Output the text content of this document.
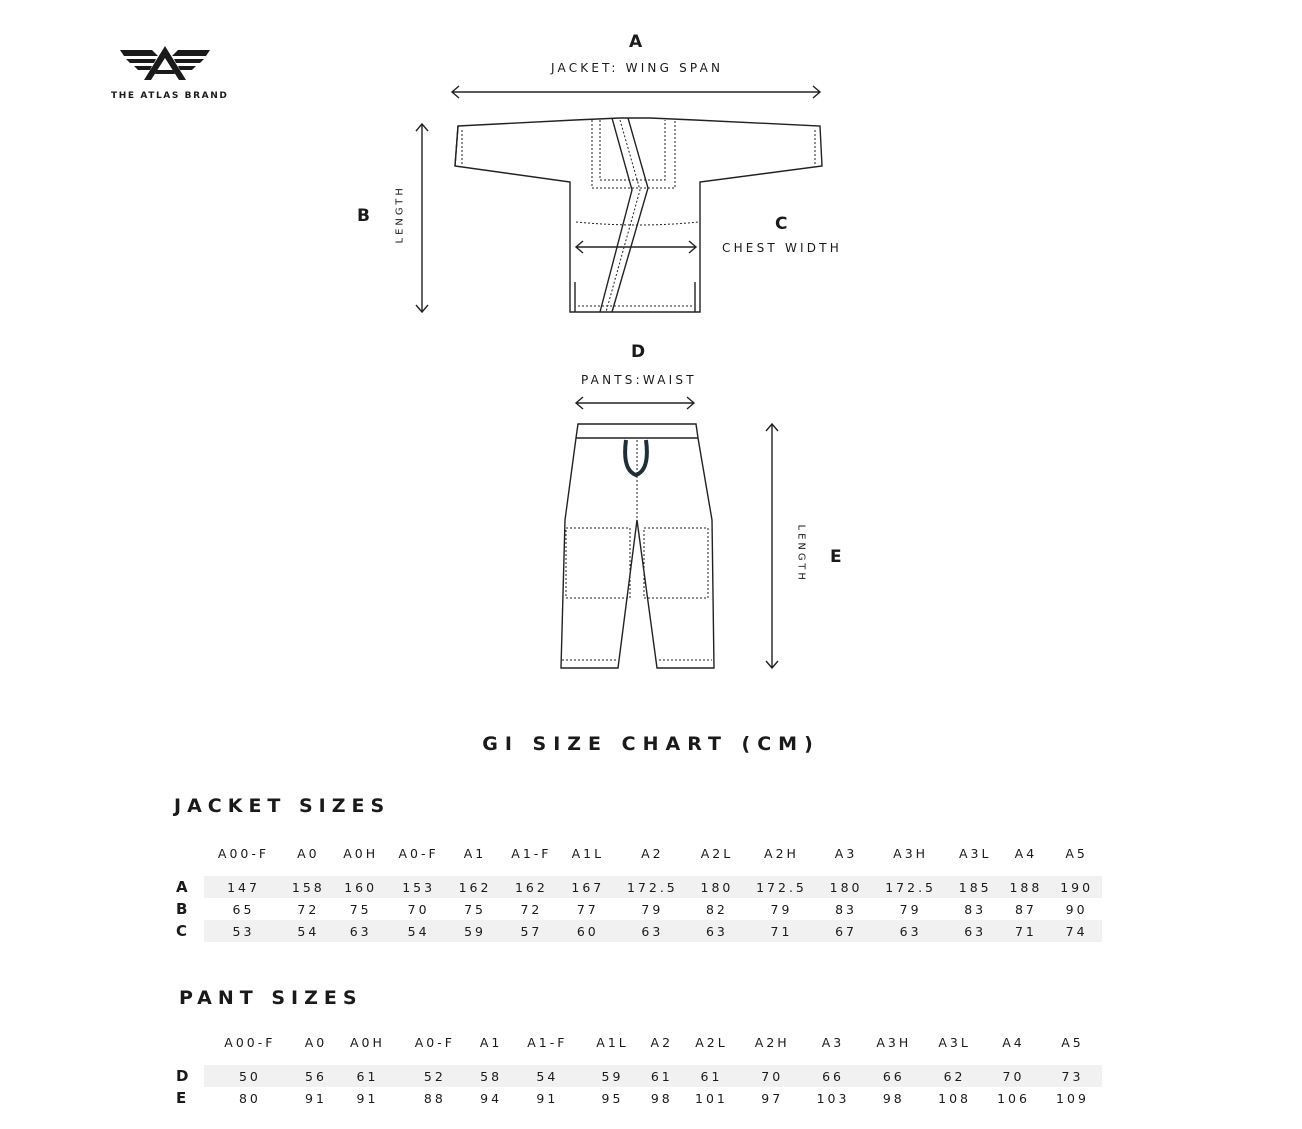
THE ATLAS BRAND
A
JACKET: WING SPAN
B LENGTH	C
CHEST WIDTH
D
PANTS:WAIST
LENGTH E
GI SIZE CHART (CM)
JACKET SIZES
	A00-F	A0	A0H	A0-F	A1	A1-F	A1L	A2	A2L	A2H	A3	A3H	A3L	A4	A5
A	147	158	160	153	162	162	167	172.5	180	172.5	180	172.5	185	188	190
B	65	72	75	70	75	72	77	79	82	79	83	79	83	87	90
C	53	54	63	54	59	57	60	63	63	71	67	63	63	71	74
PANT SIZES
	A00-F	A0	A0H	A0-F	A1	A1-F	A1L	A2	A2L	A2H	A3	A3H	A3L	A4	A5
D	50	56	61	52	58	54	59	61	61	70	66	66	62	70	73
E	80	91	91	88	94	91	95	98	101	97	103	98	108	106	109
